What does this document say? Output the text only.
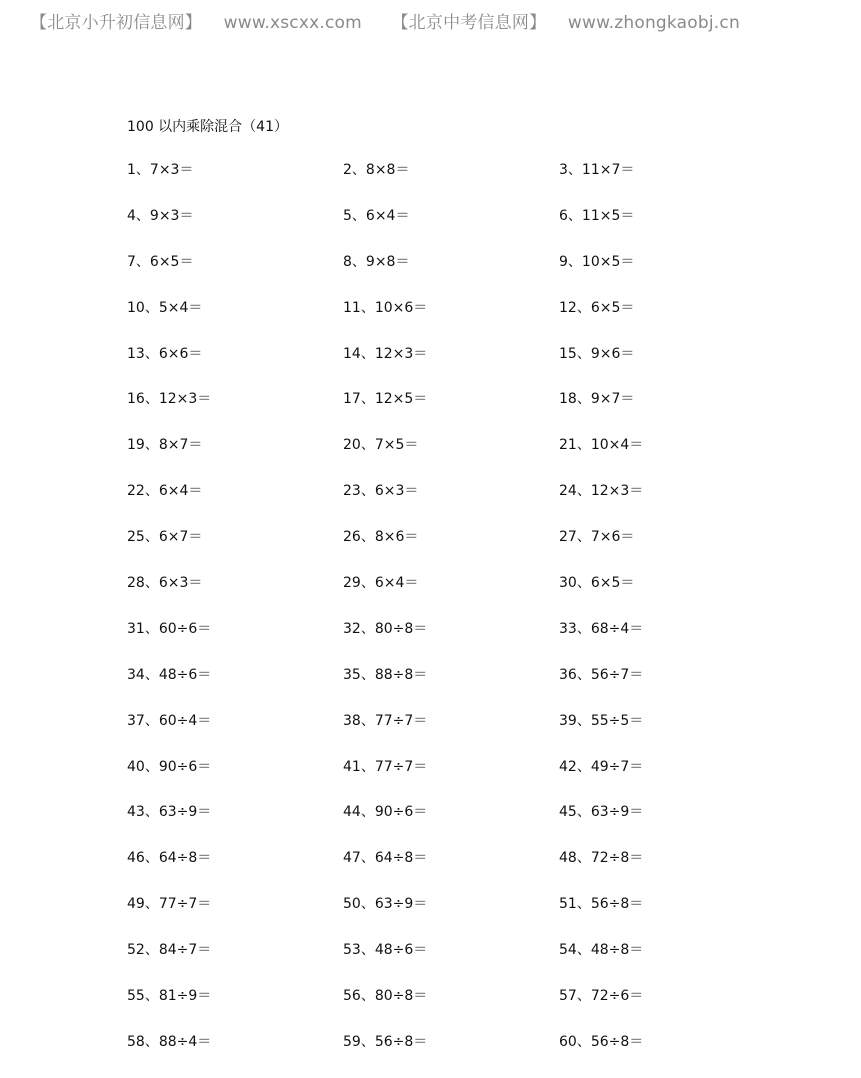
【北京小升初信息网】 www.xscxx.com 【北京中考信息网】 www.zhongkaobj.cn
100 以内乘除混合（41）
1、7×3＝	2、8×8＝	3、11×7＝
4、9×3＝	5、6×4＝	6、11×5＝
7、6×5＝	8、9×8＝	9、10×5＝
10、5×4＝	11、10×6＝	12、6×5＝
13、6×6＝	14、12×3＝	15、9×6＝
16、12×3＝	17、12×5＝	18、9×7＝
19、8×7＝	20、7×5＝	21、10×4＝
22、6×4＝	23、6×3＝	24、12×3＝
25、6×7＝	26、8×6＝	27、7×6＝
28、6×3＝	29、6×4＝	30、6×5＝
31、60÷6＝	32、80÷8＝	33、68÷4＝
34、48÷6＝	35、88÷8＝	36、56÷7＝
37、60÷4＝	38、77÷7＝	39、55÷5＝
40、90÷6＝	41、77÷7＝	42、49÷7＝
43、63÷9＝	44、90÷6＝	45、63÷9＝
46、64÷8＝	47、64÷8＝	48、72÷8＝
49、77÷7＝	50、63÷9＝	51、56÷8＝
52、84÷7＝	53、48÷6＝	54、48÷8＝
55、81÷9＝	56、80÷8＝	57、72÷6＝
58、88÷4＝	59、56÷8＝	60、56÷8＝
